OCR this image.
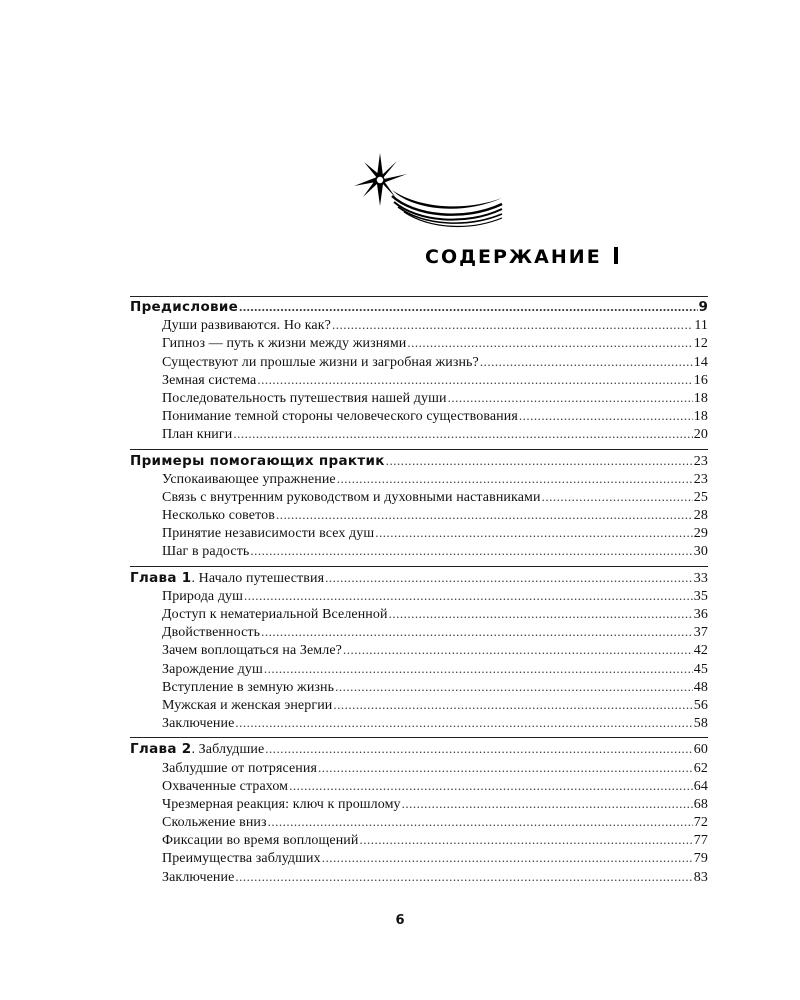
СОДЕРЖАНИЕ
Предисловие .....	9
Души развиваются. Но как? .....	11
Гипноз — путь к жизни между жизнями .....	12
Существуют ли прошлые жизни и загробная жизнь? .....	14
Земная система .....	16
Последовательность путешествия нашей души .....	18
Понимание темной стороны человеческого существования .....	18
План книги .....	20
Примеры помогающих практик .....	23
Успокаивающее упражнение .....	23
Связь с внутренним руководством и духовными наставниками .....	25
Несколько советов .....	28
Принятие независимости всех душ .....	29
Шаг в радость .....	30
Глава 1. Начало путешествия .....	33
Природа душ .....	35
Доступ к нематериальной Вселенной .....	36
Двойственность .....	37
Зачем воплощаться на Земле? .....	42
Зарождение душ .....	45
Вступление в земную жизнь .....	48
Мужская и женская энергии .....	56
Заключение .....	58
Глава 2. Заблудшие .....	60
Заблудшие от потрясения .....	62
Охваченные страхом .....	64
Чрезмерная реакция: ключ к прошлому .....	68
Скольжение вниз .....	72
Фиксации во время воплощений .....	77
Преимущества заблудших .....	79
Заключение .....	83
6
